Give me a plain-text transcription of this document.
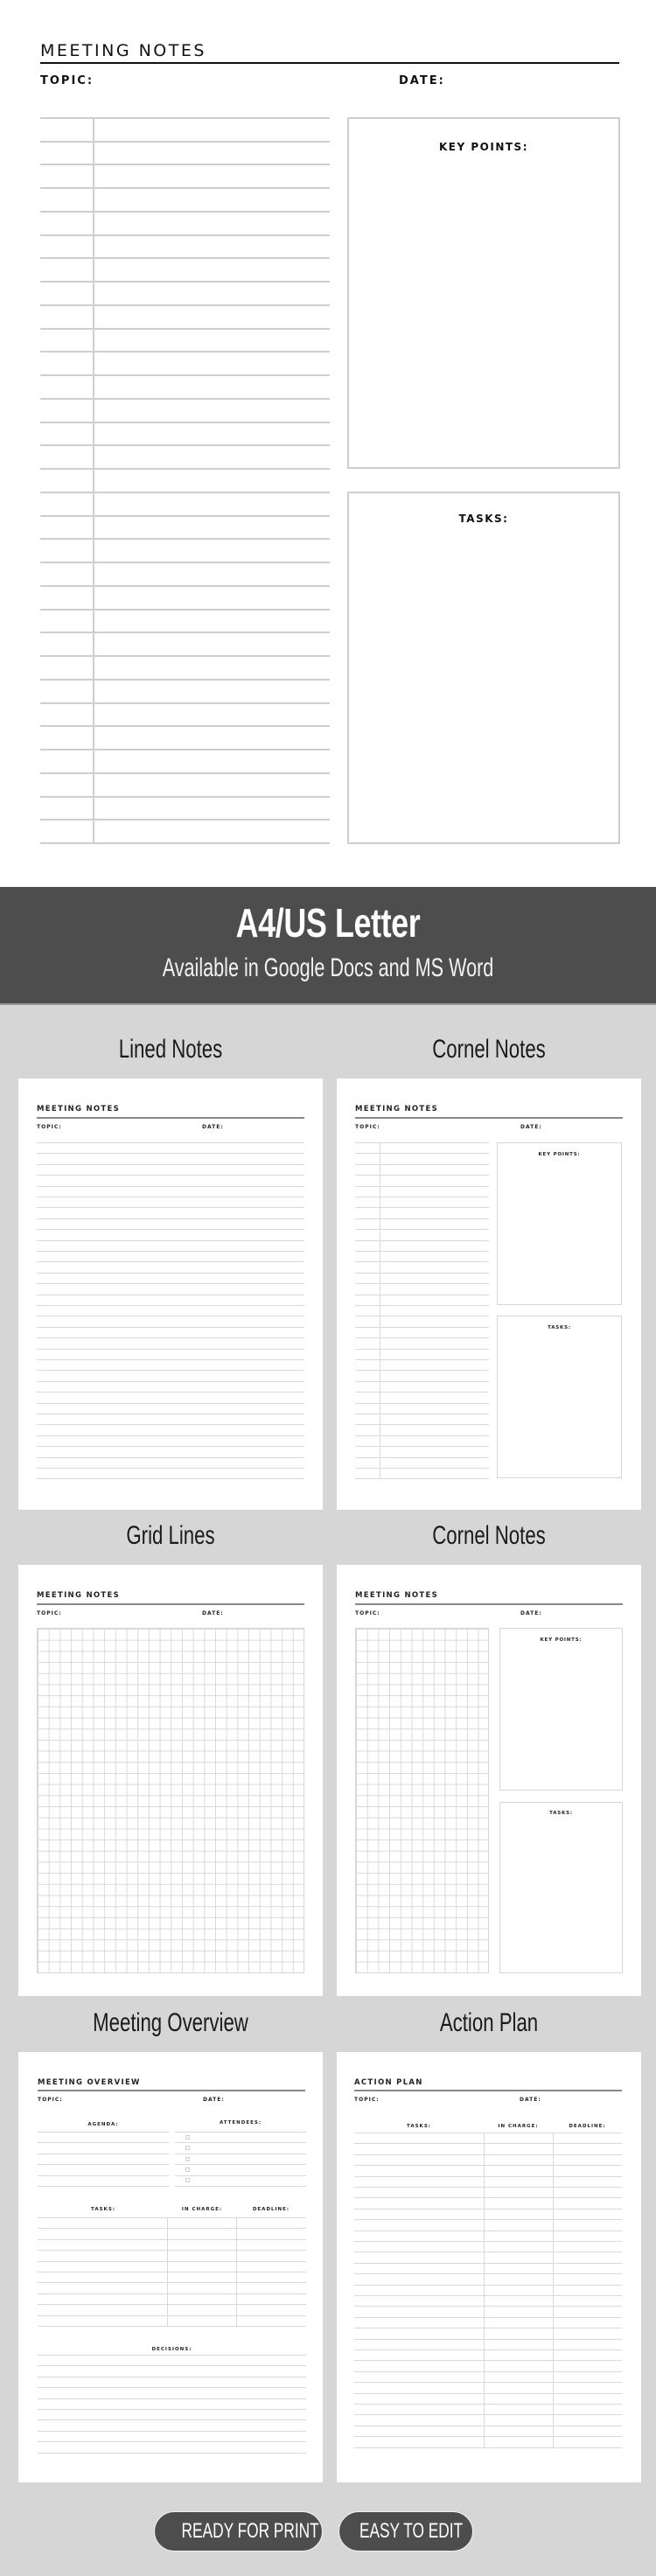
MEETING NOTES
TOPIC:	DATE:
KEY POINTS:
TASKS:
A4/US Letter
Available in Google Docs and MS Word
Lined Notes	Cornel Notes
MEETING NOTES
TOPIC:	DATE:
MEETING NOTES
TOPIC:	DATE:
KEY POINTS:
TASKS:
Grid Lines	Cornel Notes
MEETING NOTES
TOPIC:	DATE:
MEETING NOTES
TOPIC:	DATE:
KEY POINTS:
TASKS:
Meeting Overview	Action Plan
MEETING OVERVIEW
TOPIC:	DATE:
AGENDA:	ATTENDEES:
TASKS:	IN CHARGE:	DEADLINE:
DECISIONS:
ACTION PLAN
TOPIC:	DATE:
TASKS:	IN CHARGE:	DEADLINE:
READY FOR PRINT	EASY TO EDIT
